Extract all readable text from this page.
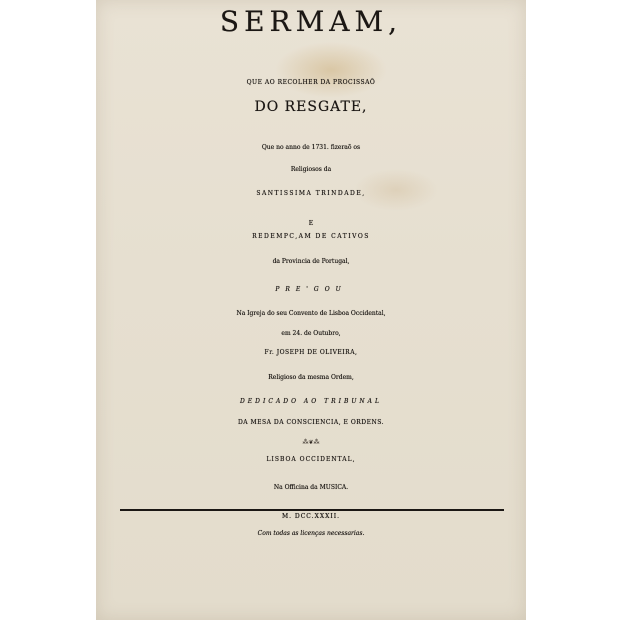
SERMAM,
QUE AO RECOLHER DA PROCISSAÕ
DO RESGATE,
Que no anno de 1731. fizeraõ os
Religiosos da
SANTISSIMA TRINDADE,
E
REDEMPC,AM DE CATIVOS
da Provincia de Portugal,
PRE'GOU
Na Igreja do seu Convento de Lisboa Occidental,
em 24. de Outubro,
Fr. JOSEPH DE OLIVEIRA,
Religioso da mesma Ordem,
DEDICADO AO TRIBUNAL
DA MESA DA CONSCIENCIA, E ORDENS.
⁂❦⁂
LISBOA OCCIDENTAL,
Na Officina da MUSICA.
M. DCC.XXXII.
Com todas as licenças necessarias.
